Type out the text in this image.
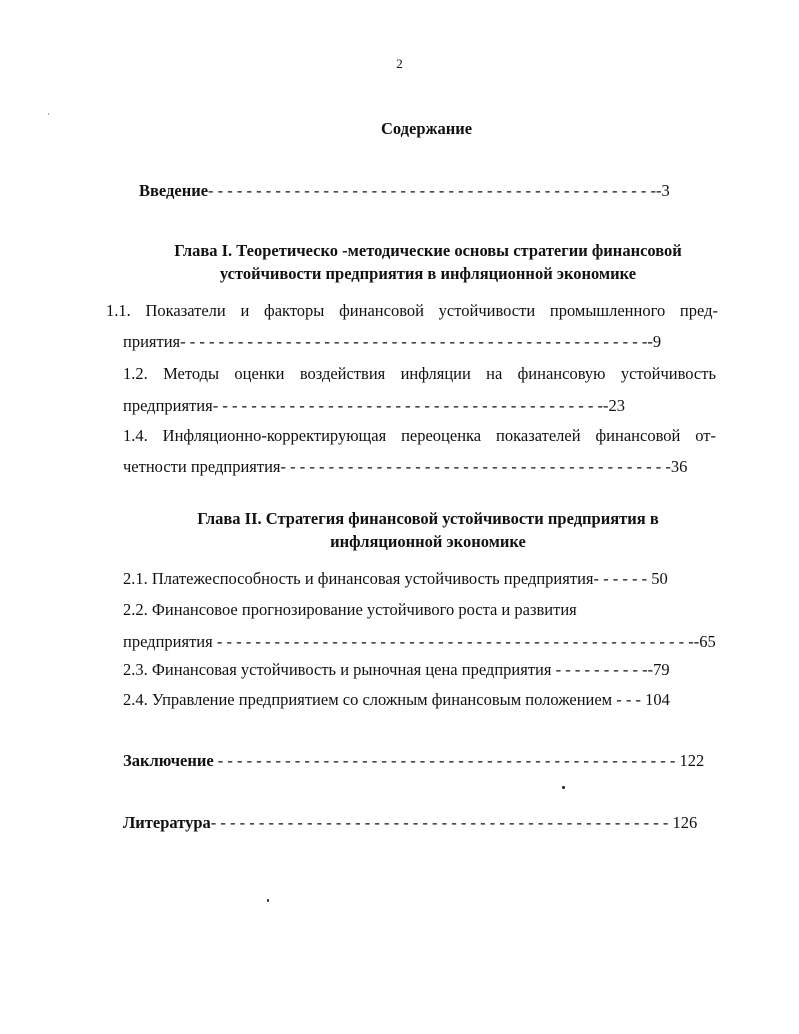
2
Содержание
Введение- - - - - - - - - - - - - - - - - - - - - - - - - - - - - - - - - - - - - - - - - - - - - - --3
Глава I. Теоретическо -методические основы стратегии финансовой
устойчивости предприятия в инфляционной экономике
1.1. Показатели и факторы финансовой устойчивости промышленного пред-
приятия- - - - - - - - - - - - - - - - - - - - - - - - - - - - - - - - - - - - - - - - - - - - - - - - --9
1.2. Методы оценки воздействия инфляции на финансовую устойчивость
предприятия- - - - - - - - - - - - - - - - - - - - - - - - - - - - - - - - - - - - - - - - --23
1.4. Инфляционно-корректирующая переоценка показателей финансовой от-
четности предприятия- - - - - - - - - - - - - - - - - - - - - - - - - - - - - - - - - - - - - - - - -36
Глава II. Стратегия финансовой устойчивости предприятия в
инфляционной экономике
2.1. Платежеспособность и финансовая устойчивость предприятия- - - - - - 50
2.2. Финансовое прогнозирование устойчивого роста и развития
предприятия - - - - - - - - - - - - - - - - - - - - - - - - - - - - - - - - - - - - - - - - - - - - - - - - - --65
2.3. Финансовая устойчивость и рыночная цена предприятия - - - - - - - - - --79
2.4. Управление предприятием со сложным финансовым положением - - - 104
Заключение - - - - - - - - - - - - - - - - - - - - - - - - - - - - - - - - - - - - - - - - - - - - - - - - 122
Литература- - - - - - - - - - - - - - - - - - - - - - - - - - - - - - - - - - - - - - - - - - - - - - - - 126
